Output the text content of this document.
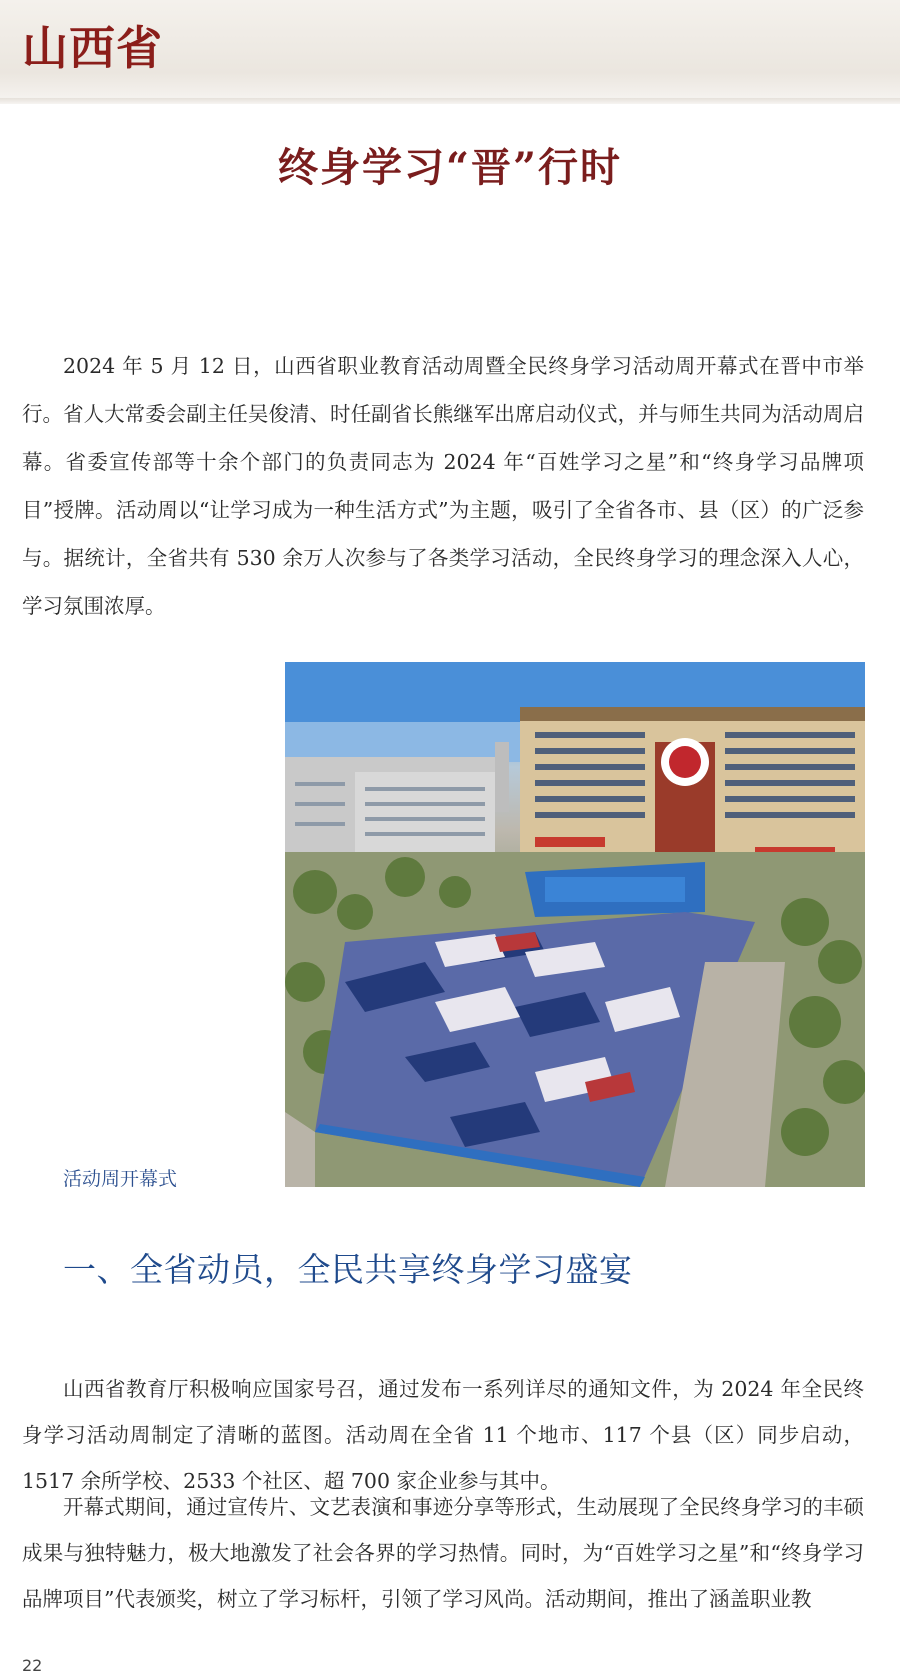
山西省
终身学习“晋”行时

2024 年 5 月 12 日，山西省职业教育活动周暨全民终身学习活动周开幕式在晋中市举行。省人大常委会副主任吴俊清、时任副省长熊继军出席启动仪式，并与师生共同为活动周启幕。省委宣传部等十余个部门的负责同志为 2024 年“百姓学习之星”和“终身学习品牌项目”授牌。活动周以“让学习成为一种生活方式”为主题，吸引了全省各市、县（区）的广泛参与。据统计，全省共有 530 余万人次参与了各类学习活动，全民终身学习的理念深入人心，学习氛围浓厚。

活动周开幕式
一、全省动员，全民共享终身学习盛宴

山西省教育厅积极响应国家号召，通过发布一系列详尽的通知文件，为 2024 年全民终身学习活动周制定了清晰的蓝图。活动周在全省 11 个地市、117 个县（区）同步启动，1517 余所学校、2533 个社区、超 700 家企业参与其中。

开幕式期间，通过宣传片、文艺表演和事迹分享等形式，生动展现了全民终身学习的丰硕成果与独特魅力，极大地激发了社会各界的学习热情。同时，为“百姓学习之星”和“终身学习品牌项目”代表颁奖，树立了学习标杆，引领了学习风尚。活动期间，推出了涵盖职业教

22
